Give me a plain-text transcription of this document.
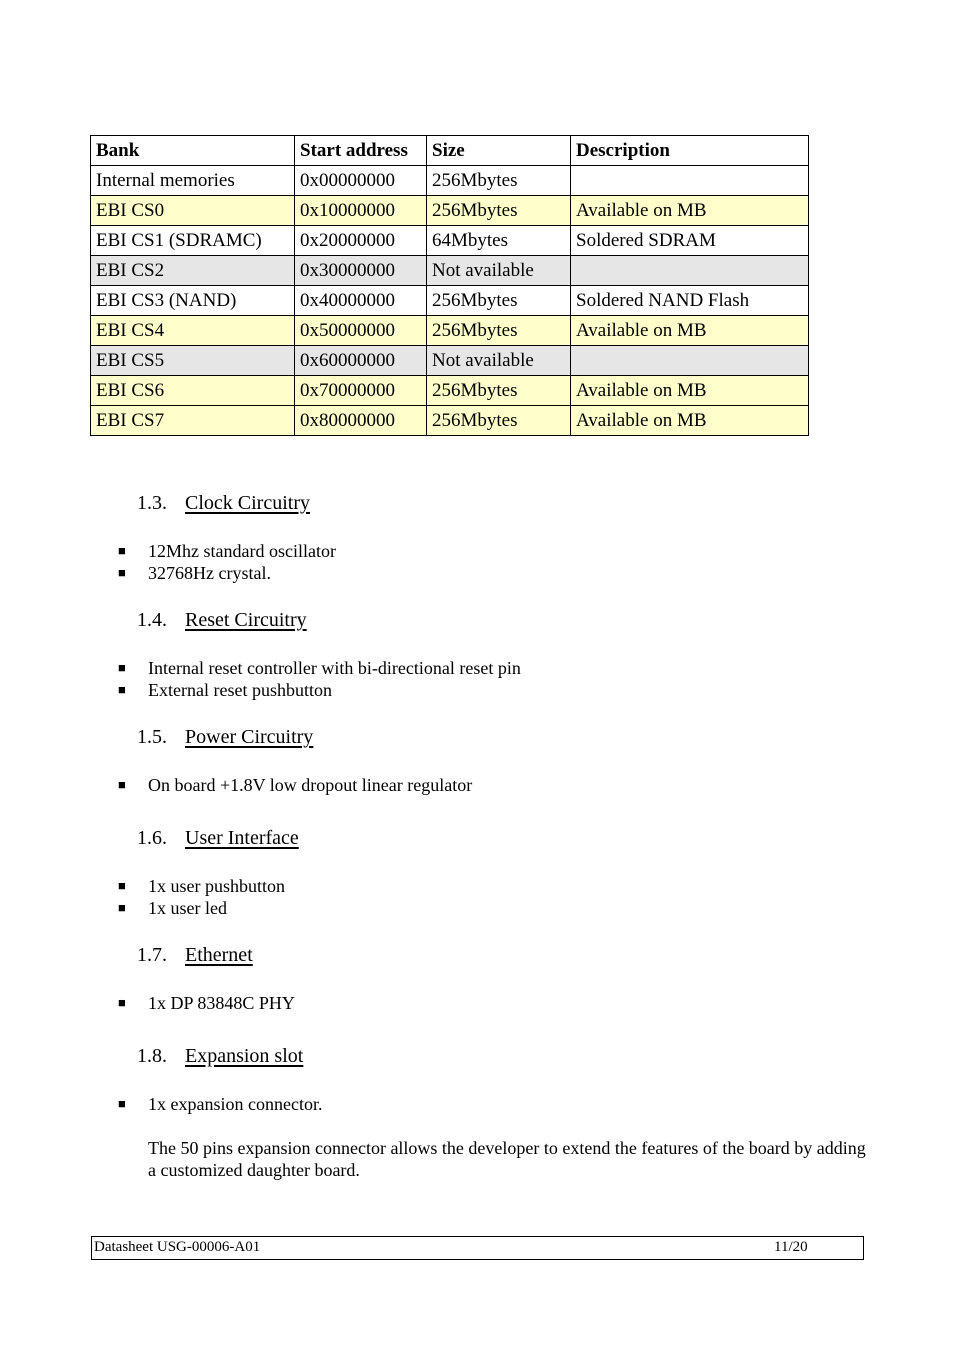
Bank	Start address	Size	Description
Internal memories	0x00000000	256Mbytes	
EBI CS0	0x10000000	256Mbytes	Available on MB
EBI CS1 (SDRAMC)	0x20000000	64Mbytes	Soldered SDRAM
EBI CS2	0x30000000	Not available	
EBI CS3 (NAND)	0x40000000	256Mbytes	Soldered NAND Flash
EBI CS4	0x50000000	256Mbytes	Available on MB
EBI CS5	0x60000000	Not available	
EBI CS6	0x70000000	256Mbytes	Available on MB
EBI CS7	0x80000000	256Mbytes	Available on MB
1.3. Clock Circuitry
■ 12Mhz standard oscillator
■ 32768Hz crystal.
1.4. Reset Circuitry
■ Internal reset controller with bi-directional reset pin
■ External reset pushbutton
1.5. Power Circuitry
■ On board +1.8V low dropout linear regulator
1.6. User Interface
■ 1x user pushbutton
■ 1x user led
1.7. Ethernet
■ 1x DP 83848C PHY
1.8. Expansion slot
■ 1x expansion connector.
The 50 pins expansion connector allows the developer to extend the features of the board by adding a customized daughter board.
Datasheet USG-00006-A01	11/20
